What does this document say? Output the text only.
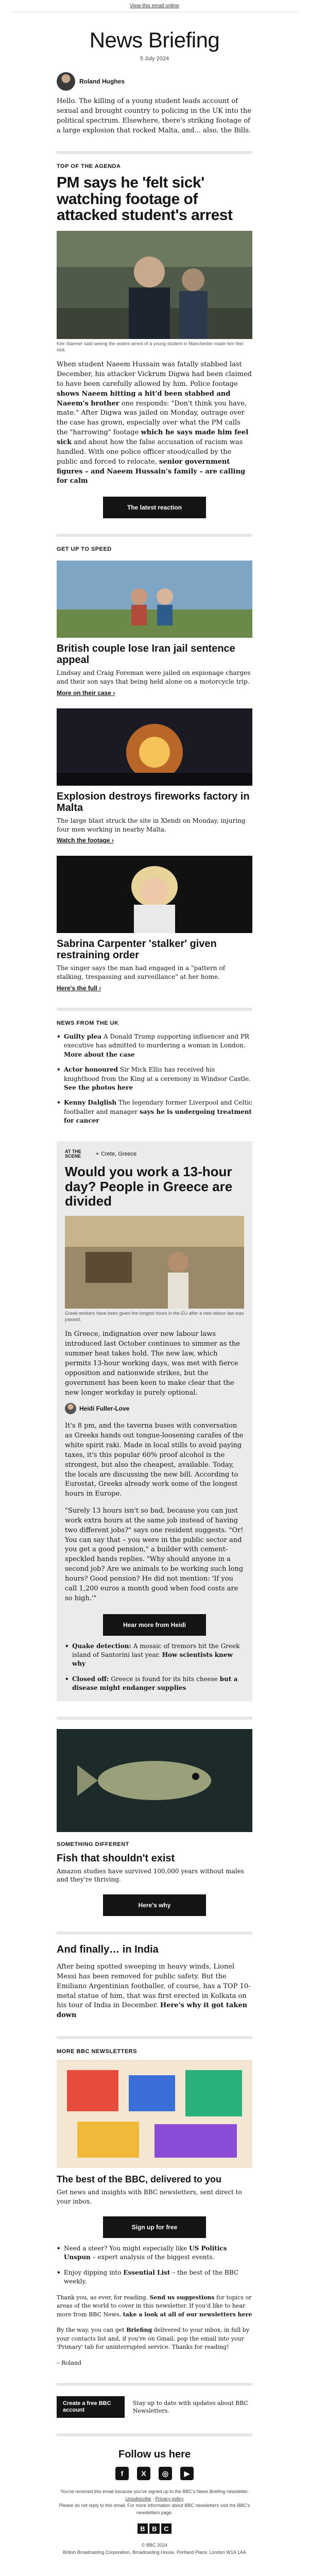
View this email online
News Briefing
5 July 2024
Roland Hughes

Hello. The killing of a young student leads account of sexual and brought country to policing in the UK into the political spectrum. Elsewhere, there's striking footage of a large explosion that rocked Malta, and... also, the Bills.

TOP OF THE AGENDA
PM says he 'felt sick' watching footage of attacked student's arrest
Keir Starmer said seeing the violent arrest of a young student in Manchester made him feel sick.

When student Naeem Hussain was fatally stabbed last December, his attacker Vickrum Digwa had been claimed to have been carefully allowed by him. Police footage shows Naeem hitting a hit'd been stabbed and Naeem's brother one responds: "Don't think you have, mate." After Digwa was jailed on Monday, outrage over the case has grown, especially over what the PM calls the "harrowing" footage which he says made him feel sick and about how the false accusation of racism was handled. With one police officer stood/called by the public and forced to relocate, senior government figures – and Naeem Hussain's family – are calling for calm

The latest reaction
GET UP TO SPEED
British couple lose Iran jail sentence appeal
Lindsay and Craig Foreman were jailed on espionage charges and their son says that being held alone on a motorcycle trip.
More on their case ›
Explosion destroys fireworks factory in Malta
The large blast struck the site in Xlendi on Monday, injuring four men working in nearby Malta.
Watch the footage ›
Sabrina Carpenter 'stalker' given restraining order
The singer says the man had engaged in a "pattern of stalking, trespassing and surveillance" at her home.
Here's the full ›
NEWS FROM THE UK
• Guilty plea A Donald Trump supporting influencer and PR executive has admitted to murdering a woman in London. More about the case
• Actor honoured Sir Mick Ellis has received his knighthood from the King at a ceremony in Windsor Castle. See the photos here
• Kenny Dalglish The legendary former Liverpool and Celtic footballer and manager says he is undergoing treatment for cancer
AT THE
SCENE	⌖ Crete, Greece
Would you work a 13-hour day? People in Greece are divided
Greek workers have been given the longest hours in the EU after a new labour law was passed.

In Greece, indignation over new labour laws introduced last October continues to simmer as the summer heat takes hold. The new law, which permits 13-hour working days, was met with fierce opposition and nationwide strikes, but the government has been keen to make clear that the new longer workday is purely optional.

Heidi Fuller-Love

It's 8 pm, and the taverna buses with conversation as Greeks hands out tongue-loosening carafes of the white spirit raki. Made in local stills to avoid paying taxes, it's this popular 60% proof alcohol is the strongest, but also the cheapest, available. Today, the locals are discussing the new bill. According to Eurostat, Greeks already work some of the longest hours in Europe.

"Surely 13 hours isn't so bad, because you can just work extra hours at the same job instead of having two different jobs?" says one resident suggests. "Or! You can say that – you were in the public sector and you get a good pension," a builder with cement-speckled hands replies. "Why should anyone in a second job? Are we animals to be working such long hours? Good pension? He did not mention: 'If you call 1,200 euros a month good when food costs are so high.'"

Hear more from Heidi
• Quake detection: A mosaic of tremors hit the Greek island of Santorini last year. How scientists knew why
• Closed off: Greece is found for its hits cheese but a disease might endanger supplies
SOMETHING DIFFERENT
Fish that shouldn't exist
Amazon studies have survived 100,000 years without males and they're thriving.
Here's why
And finally… in India

After being spotted sweeping in heavy winds, Lionel Messi has been removed for public safety. But the Emiliano Argentinian footballer, of course, has a TOP 10-metal statue of him, that was first erected in Kolkata on his tour of India in December. Here's why it got taken down

MORE BBC NEWSLETTERS
The best of the BBC, delivered to you
Get news and insights with BBC newsletters, sent direct to your inbox.
Sign up for free
• Need a steer? You might especially like US Politics Unspun – expert analysis of the biggest events.
• Enjoy dipping into Essential List – the best of the BBC weekly.

Thank you, as ever, for reading. Send us suggestions for topics or areas of the world to cover in this newsletter. If you'd like to hear more from BBC News, take a look at all of our newsletters here

By the way, you can get Briefing delivered to your inbox, in full by your contacts list and, if you're on Gmail, pop the email into your 'Primary' tab for uninterrupted service. Thanks for reading!

– Roland

Create a free BBC account
Stay up to date with updates about BBC Newsletters.
Follow us here
f	X	◎	▶

You've received this email because you've signed up to the BBC's News Briefing newsletter.

Unsubscribe · Privacy policy

Please do not reply to this email. For more information about BBC newsletters visit the BBC's newsletters page.

B	B	C

© BBC 2024

British Broadcasting Corporation, Broadcasting House, Portland Place, London W1A 1AA
